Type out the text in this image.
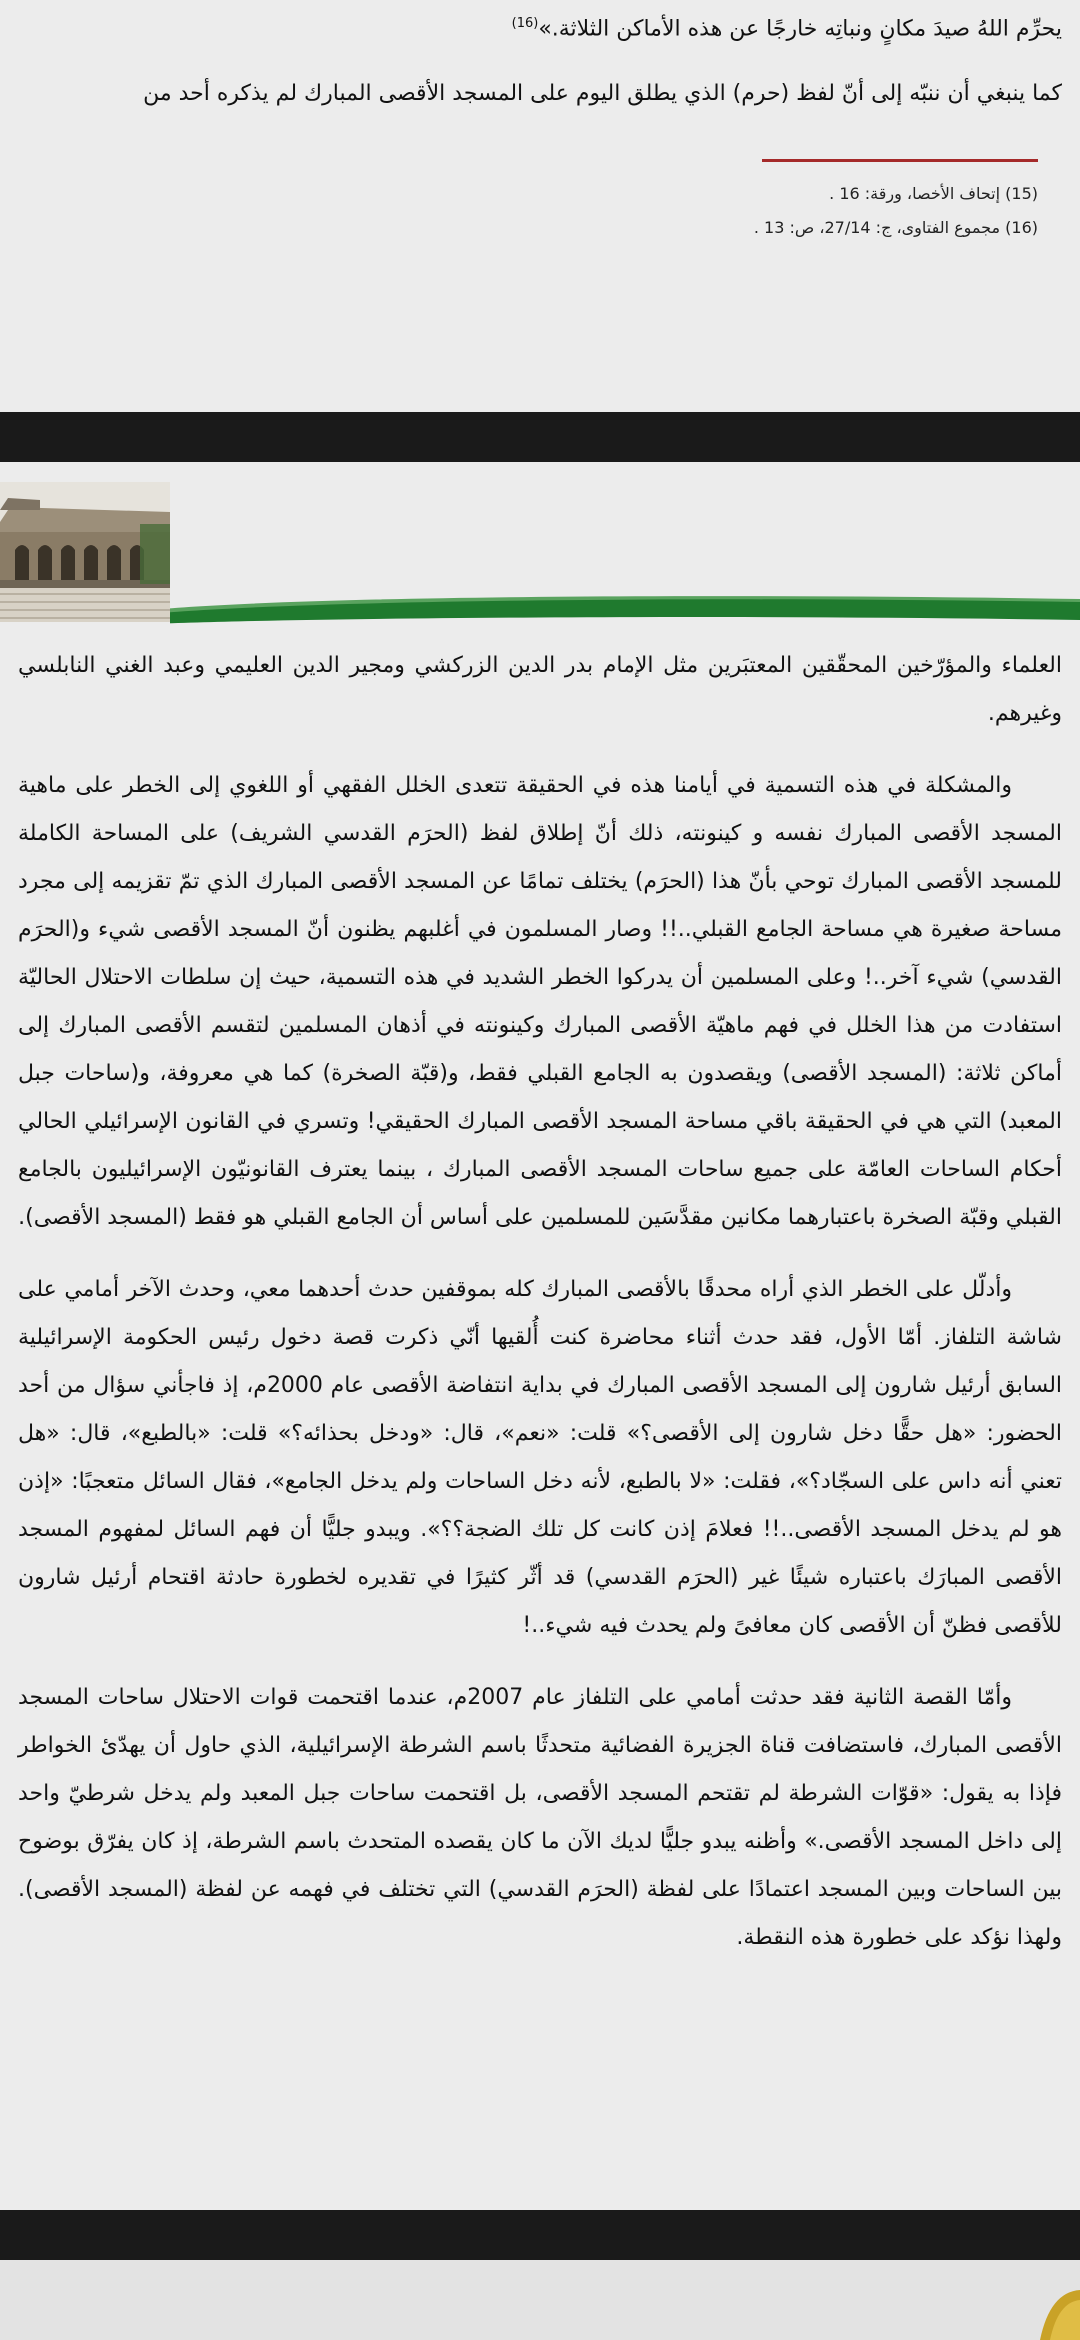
يحرِّم اللهُ صيدَ مكانٍ ونباتِه خارجًا عن هذه الأماكن الثلاثة.»$^{(16)}$
كما ينبغي أن ننبّه إلى أنّ لفظ (حرم) الذي يطلق اليوم على المسجد الأقصى المبارك لم يذكره أحد من
(15) إتحاف الأخصا، ورقة: 16 .
(16) مجموع الفتاوى، ج: 27/14، ص: 13 .

العلماء والمؤرّخين المحقّقين المعتبَرين مثل الإمام بدر الدين الزركشي ومجير الدين العليمي وعبد الغني النابلسي وغيرهم.

والمشكلة في هذه التسمية في أيامنا هذه في الحقيقة تتعدى الخلل الفقهي أو اللغوي إلى الخطر على ماهية المسجد الأقصى المبارك نفسه و كينونته، ذلك أنّ إطلاق لفظ (الحرَم القدسي الشريف) على المساحة الكاملة للمسجد الأقصى المبارك توحي بأنّ هذا (الحرَم) يختلف تمامًا عن المسجد الأقصى المبارك الذي تمّ تقزيمه إلى مجرد مساحة صغيرة هي مساحة الجامع القبلي..!! وصار المسلمون في أغلبهم يظنون أنّ المسجد الأقصى شيء و(الحرَم القدسي) شيء آخر..! وعلى المسلمين أن يدركوا الخطر الشديد في هذه التسمية، حيث إن سلطات الاحتلال الحاليّة استفادت من هذا الخلل في فهم ماهيّة الأقصى المبارك وكينونته في أذهان المسلمين لتقسم الأقصى المبارك إلى أماكن ثلاثة: (المسجد الأقصى) ويقصدون به الجامع القبلي فقط، و(قبّة الصخرة) كما هي معروفة، و(ساحات جبل المعبد) التي هي في الحقيقة باقي مساحة المسجد الأقصى المبارك الحقيقي! وتسري في القانون الإسرائيلي الحالي أحكام الساحات العامّة على جميع ساحات المسجد الأقصى المبارك ، بينما يعترف القانونيّون الإسرائيليون بالجامع القبلي وقبّة الصخرة باعتبارهما مكانين مقدَّسَين للمسلمين على أساس أن الجامع القبلي هو فقط (المسجد الأقصى).

وأدلّل على الخطر الذي أراه محدقًا بالأقصى المبارك كله بموقفين حدث أحدهما معي، وحدث الآخر أمامي على شاشة التلفاز. أمّا الأول، فقد حدث أثناء محاضرة كنت أُلقيها أنّي ذكرت قصة دخول رئيس الحكومة الإسرائيلية السابق أرئيل شارون إلى المسجد الأقصى المبارك في بداية انتفاضة الأقصى عام 2000م، إذ فاجأني سؤال من أحد الحضور: «هل حقًّا دخل شارون إلى الأقصى؟» قلت: «نعم»، قال: «ودخل بحذائه؟» قلت: «بالطبع»، قال: «هل تعني أنه داس على السجّاد؟»، فقلت: «لا بالطبع، لأنه دخل الساحات ولم يدخل الجامع»، فقال السائل متعجبًا: «إذن هو لم يدخل المسجد الأقصى..!! فعلامَ إذن كانت كل تلك الضجة؟؟». ويبدو جليًّا أن فهم السائل لمفهوم المسجد الأقصى المبارَك باعتباره شيئًا غير (الحرَم القدسي) قد أثّر كثيرًا في تقديره لخطورة حادثة اقتحام أرئيل شارون للأقصى فظنّ أن الأقصى كان معافىً ولم يحدث فيه شيء..!

وأمّا القصة الثانية فقد حدثت أمامي على التلفاز عام 2007م، عندما اقتحمت قوات الاحتلال ساحات المسجد الأقصى المبارك، فاستضافت قناة الجزيرة الفضائية متحدثًا باسم الشرطة الإسرائيلية، الذي حاول أن يهدّئ الخواطر فإذا به يقول: «قوّات الشرطة لم تقتحم المسجد الأقصى، بل اقتحمت ساحات جبل المعبد ولم يدخل شرطيّ واحد إلى داخل المسجد الأقصى.» وأظنه يبدو جليًّا لديك الآن ما كان يقصده المتحدث باسم الشرطة، إذ كان يفرّق بوضوح بين الساحات وبين المسجد اعتمادًا على لفظة (الحرَم القدسي) التي تختلف في فهمه عن لفظة (المسجد الأقصى). ولهذا نؤكد على خطورة هذه النقطة.
